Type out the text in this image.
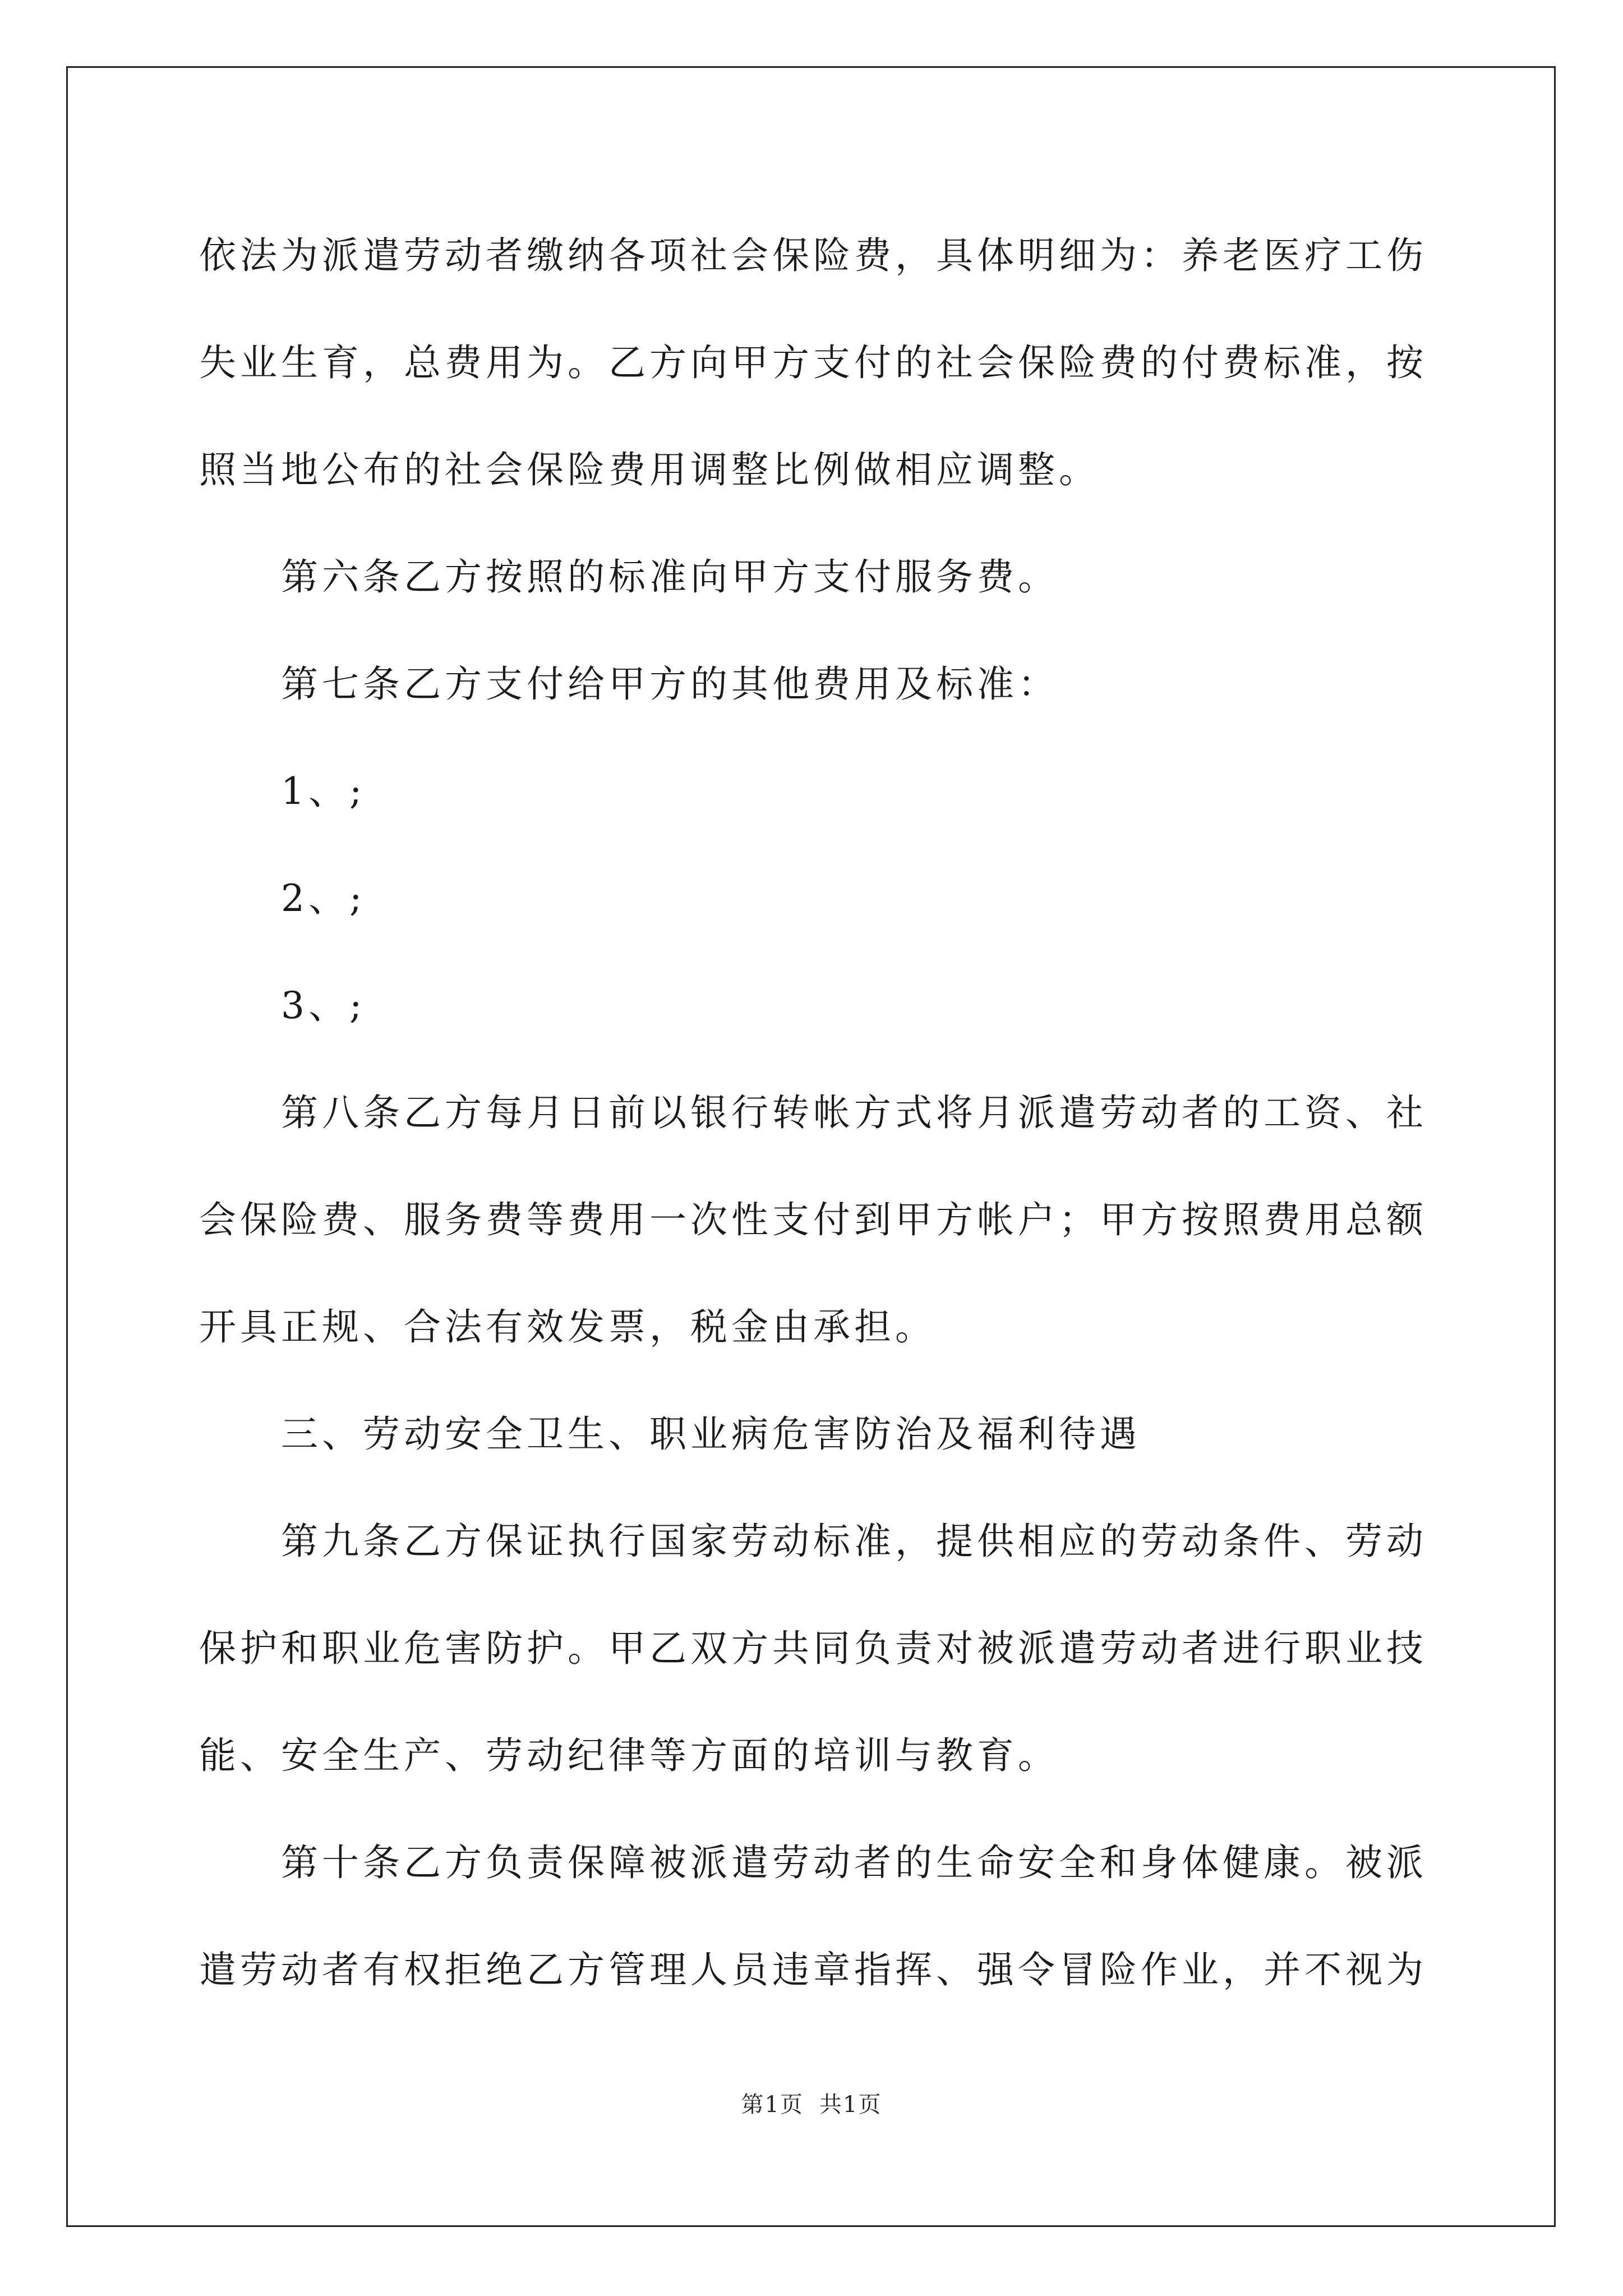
依法为派遣劳动者缴纳各项社会保险费，具体明细为：养老医疗工伤

失业生育，总费用为。乙方向甲方支付的社会保险费的付费标准，按

照当地公布的社会保险费用调整比例做相应调整。

第六条乙方按照的标准向甲方支付服务费。

第七条乙方支付给甲方的其他费用及标准：

1、;

2、;

3、;

第八条乙方每月日前以银行转帐方式将月派遣劳动者的工资、社

会保险费、服务费等费用一次性支付到甲方帐户；甲方按照费用总额

开具正规、合法有效发票，税金由承担。

三、劳动安全卫生、职业病危害防治及福利待遇

第九条乙方保证执行国家劳动标准，提供相应的劳动条件、劳动

保护和职业危害防护。甲乙双方共同负责对被派遣劳动者进行职业技

能、安全生产、劳动纪律等方面的培训与教育。

第十条乙方负责保障被派遣劳动者的生命安全和身体健康。被派

遣劳动者有权拒绝乙方管理人员违章指挥、强令冒险作业，并不视为

第1页 共1页
